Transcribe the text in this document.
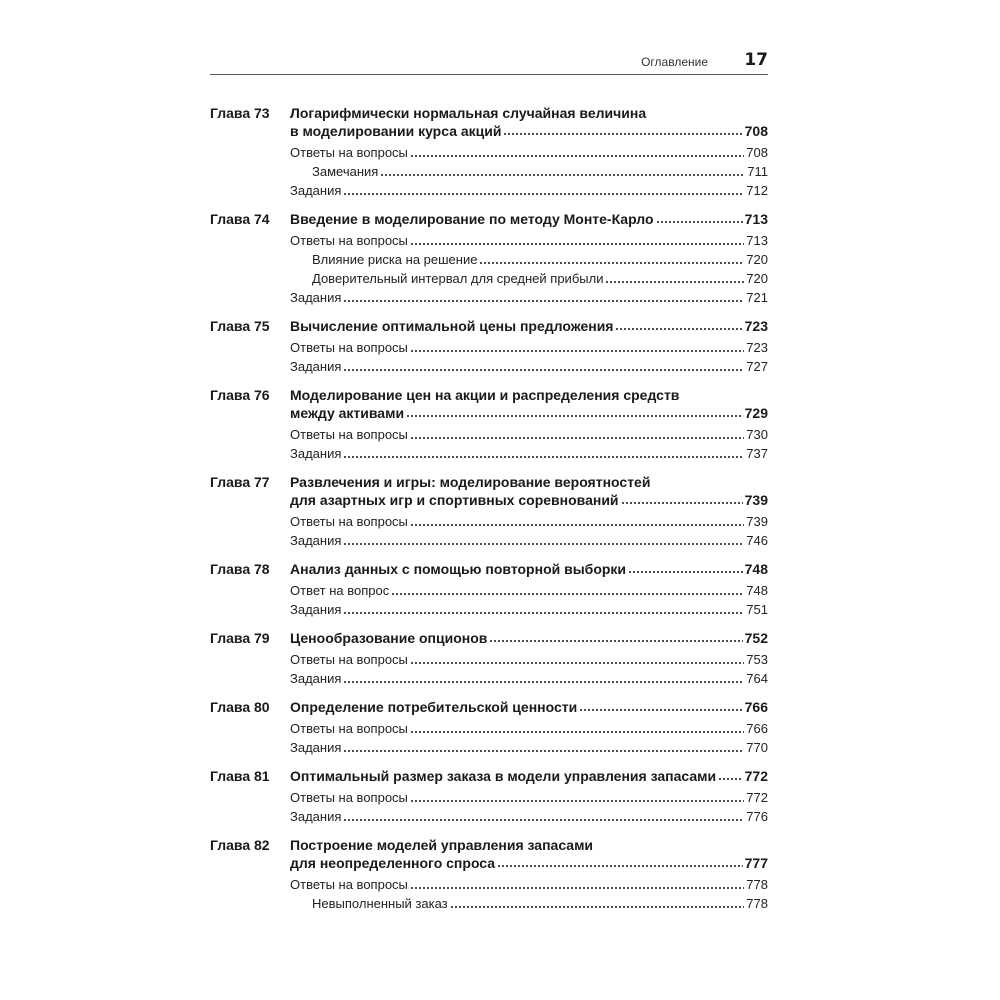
Оглавление 17
Глава 73	Логарифмически нормальная случайная величина
в моделировании курса акций	708
Ответы на вопросы	708
Замечания	711
Задания	712
Глава 74	Введение в моделирование по методу Монте-Карло	713
Ответы на вопросы	713
Влияние риска на решение	720
Доверительный интервал для средней прибыли	720
Задания	721
Глава 75	Вычисление оптимальной цены предложения	723
Ответы на вопросы	723
Задания	727
Глава 76	Моделирование цен на акции и распределения средств
между активами	729
Ответы на вопросы	730
Задания	737
Глава 77	Развлечения и игры: моделирование вероятностей
для азартных игр и спортивных соревнований	739
Ответы на вопросы	739
Задания	746
Глава 78	Анализ данных с помощью повторной выборки	748
Ответ на вопрос	748
Задания	751
Глава 79	Ценообразование опционов	752
Ответы на вопросы	753
Задания	764
Глава 80	Определение потребительской ценности	766
Ответы на вопросы	766
Задания	770
Глава 81	Оптимальный размер заказа в модели управления запасами 772
Ответы на вопросы	772
Задания	776
Глава 82	Построение моделей управления запасами
для неопределенного спроса	777
Ответы на вопросы	778
Невыполненный заказ	778
